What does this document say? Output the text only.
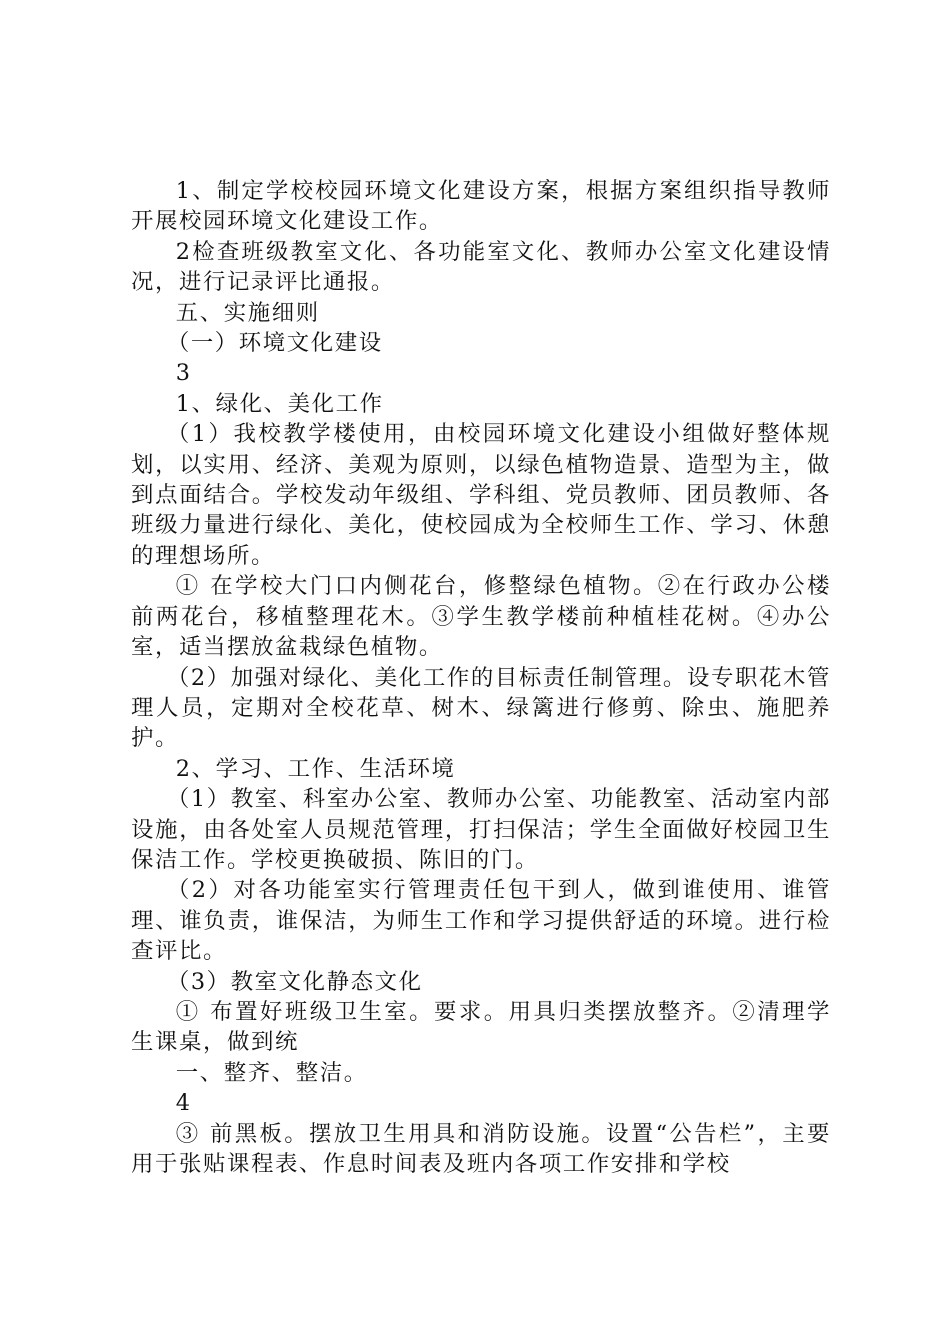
1、制定学校校园环境文化建设方案，根据方案组织指导教师开展校园环境文化建设工作。

2检查班级教室文化、各功能室文化、教师办公室文化建设情况，进行记录评比通报。

五、实施细则

（一）环境文化建设

3

1、绿化、美化工作

（1）我校教学楼使用，由校园环境文化建设小组做好整体规划，以实用、经济、美观为原则，以绿色植物造景、造型为主，做到点面结合。学校发动年级组、学科组、党员教师、团员教师、各班级力量进行绿化、美化，使校园成为全校师生工作、学习、休憩的理想场所。

① 在学校大门口内侧花台，修整绿色植物。②在行政办公楼前两花台，移植整理花木。③学生教学楼前种植桂花树。④办公室，适当摆放盆栽绿色植物。

（2）加强对绿化、美化工作的目标责任制管理。设专职花木管理人员，定期对全校花草、树木、绿篱进行修剪、除虫、施肥养护。

2、学习、工作、生活环境

（1）教室、科室办公室、教师办公室、功能教室、活动室内部设施，由各处室人员规范管理，打扫保洁；学生全面做好校园卫生保洁工作。学校更换破损、陈旧的门。

（2）对各功能室实行管理责任包干到人，做到谁使用、谁管理、谁负责，谁保洁，为师生工作和学习提供舒适的环境。进行检查评比。

（3）教室文化静态文化

① 布置好班级卫生室。要求。用具归类摆放整齐。②清理学生课桌，做到统

一、整齐、整洁。

4

③ 前黑板。摆放卫生用具和消防设施。设置“公告栏”，主要用于张贴课程表、作息时间表及班内各项工作安排和学校
